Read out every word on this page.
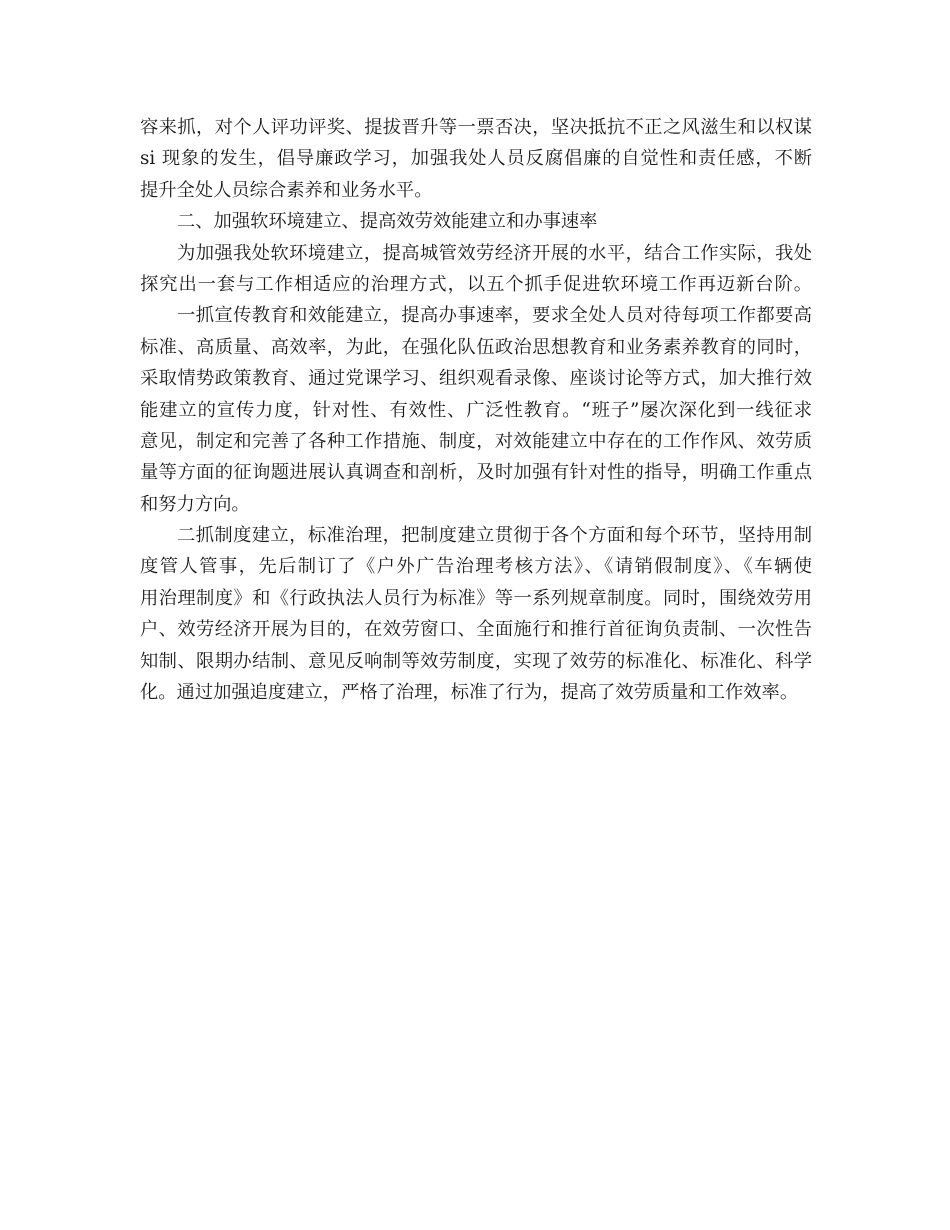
容来抓，对个人评功评奖、提拔晋升等一票否决，坚决抵抗不正之风滋生和以权谋
si 现象的发生，倡导廉政学习，加强我处人员反腐倡廉的自觉性和责任感，不断
提升全处人员综合素养和业务水平。
二、加强软环境建立、提高效劳效能建立和办事速率
为加强我处软环境建立，提高城管效劳经济开展的水平，结合工作实际，我处
探究出一套与工作相适应的治理方式，以五个抓手促进软环境工作再迈新台阶。
一抓宣传教育和效能建立，提高办事速率，要求全处人员对待每项工作都要高
标准、高质量、高效率，为此，在强化队伍政治思想教育和业务素养教育的同时，
采取情势政策教育、通过党课学习、组织观看录像、座谈讨论等方式，加大推行效
能建立的宣传力度，针对性、有效性、广泛性教育。“班子”屡次深化到一线征求
意见，制定和完善了各种工作措施、制度，对效能建立中存在的工作作风、效劳质
量等方面的征询题进展认真调查和剖析，及时加强有针对性的指导，明确工作重点
和努力方向。
二抓制度建立，标准治理，把制度建立贯彻于各个方面和每个环节，坚持用制
度管人管事，先后制订了《户外广告治理考核方法》、《请销假制度》、《车辆使
用治理制度》和《行政执法人员行为标准》等一系列规章制度。同时，围绕效劳用
户、效劳经济开展为目的，在效劳窗口、全面施行和推行首征询负责制、一次性告
知制、限期办结制、意见反响制等效劳制度，实现了效劳的标准化、标准化、科学
化。通过加强追度建立，严格了治理，标准了行为，提高了效劳质量和工作效率。
